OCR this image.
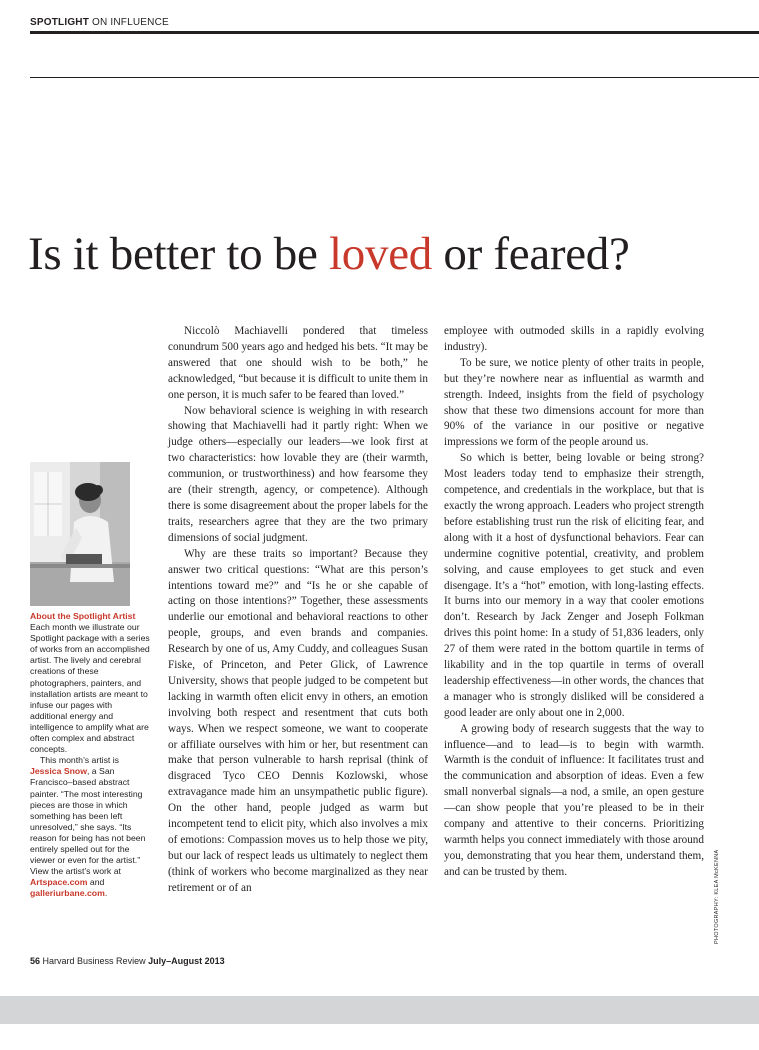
SPOTLIGHT ON INFLUENCE
Is it better to be loved or feared?

About the Spotlight Artist

Each month we illustrate our Spotlight package with a series of works from an accomplished artist. The lively and cerebral creations of these photographers, painters, and installation artists are meant to infuse our pages with additional energy and intelligence to amplify what are often complex and abstract concepts.

This month’s artist is Jessica Snow, a San Francisco–based abstract painter. “The most interesting pieces are those in which something has been left unresolved,” she says. “Its reason for being has not been entirely spelled out for the viewer or even for the artist.” View the artist’s work at Artspace.com and galleriurbane.com.

Niccolò Machiavelli pondered that timeless conundrum 500 years ago and hedged his bets. “It may be answered that one should wish to be both,” he acknowledged, “but because it is difficult to unite them in one person, it is much safer to be feared than loved.”

Now behavioral science is weighing in with research showing that Machiavelli had it partly right: When we judge others—especially our leaders—we look first at two characteristics: how lovable they are (their warmth, communion, or trustworthiness) and how fearsome they are (their strength, agency, or competence). Although there is some disagreement about the proper labels for the traits, researchers agree that they are the two primary dimensions of social judgment.

Why are these traits so important? Because they answer two critical questions: “What are this person’s intentions toward me?” and “Is he or she capable of acting on those intentions?” Together, these assessments underlie our emotional and behavioral reactions to other people, groups, and even brands and companies. Research by one of us, Amy Cuddy, and colleagues Susan Fiske, of Princeton, and Peter Glick, of Lawrence University, shows that people judged to be competent but lacking in warmth often elicit envy in others, an emotion involving both respect and resentment that cuts both ways. When we respect someone, we want to cooperate or affiliate ourselves with him or her, but resentment can make that person vulnerable to harsh reprisal (think of disgraced Tyco CEO Dennis Kozlowski, whose extravagance made him an unsympathetic public figure). On the other hand, people judged as warm but incompetent tend to elicit pity, which also involves a mix of emotions: Compassion moves us to help those we pity, but our lack of respect leads us ultimately to neglect them (think of workers who become marginalized as they near retirement or of an

employee with outmoded skills in a rapidly evolving industry).

To be sure, we notice plenty of other traits in people, but they’re nowhere near as influential as warmth and strength. Indeed, insights from the field of psychology show that these two dimensions account for more than 90% of the variance in our positive or negative impressions we form of the people around us.

So which is better, being lovable or being strong? Most leaders today tend to emphasize their strength, competence, and credentials in the workplace, but that is exactly the wrong approach. Leaders who project strength before establishing trust run the risk of eliciting fear, and along with it a host of dysfunctional behaviors. Fear can undermine cognitive potential, creativity, and problem solving, and cause employees to get stuck and even disengage. It’s a “hot” emotion, with long-lasting effects. It burns into our memory in a way that cooler emotions don’t. Research by Jack Zenger and Joseph Folkman drives this point home: In a study of 51,836 leaders, only 27 of them were rated in the bottom quartile in terms of likability and in the top quartile in terms of overall leadership effectiveness—in other words, the chances that a manager who is strongly disliked will be considered a good leader are only about one in 2,000.

A growing body of research suggests that the way to influence—and to lead—is to begin with warmth. Warmth is the conduit of influence: It facilitates trust and the communication and absorption of ideas. Even a few small nonverbal signals—a nod, a smile, an open gesture—can show people that you’re pleased to be in their company and attentive to their concerns. Prioritizing warmth helps you connect immediately with those around you, demonstrating that you hear them, understand them, and can be trusted by them.	PHOTOGRAPHY: KLEA McKENNA
56 Harvard Business Review July–August 2013
